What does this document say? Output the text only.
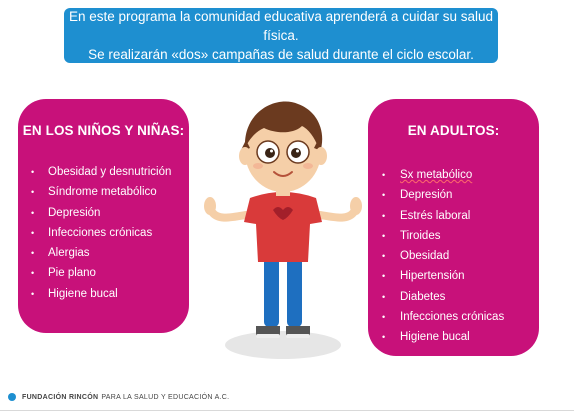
En este programa la comunidad educativa aprenderá a cuidar su salud física.
Se realizarán «dos» campañas de salud durante el ciclo escolar.
EN LOS NIÑOS Y NIÑAS:
• Obesidad y desnutrición
• Síndrome metabólico
• Depresión
• Infecciones crónicas
• Alergias
• Pie plano
• Higiene bucal
EN ADULTOS:
• Sx metabólico
• Depresión
• Estrés laboral
• Tiroides
• Obesidad
• Hipertensión
• Diabetes
• Infecciones crónicas
• Higiene bucal
FUNDACIÓN RINCÓN PARA LA SALUD Y EDUCACIÓN A.C.
